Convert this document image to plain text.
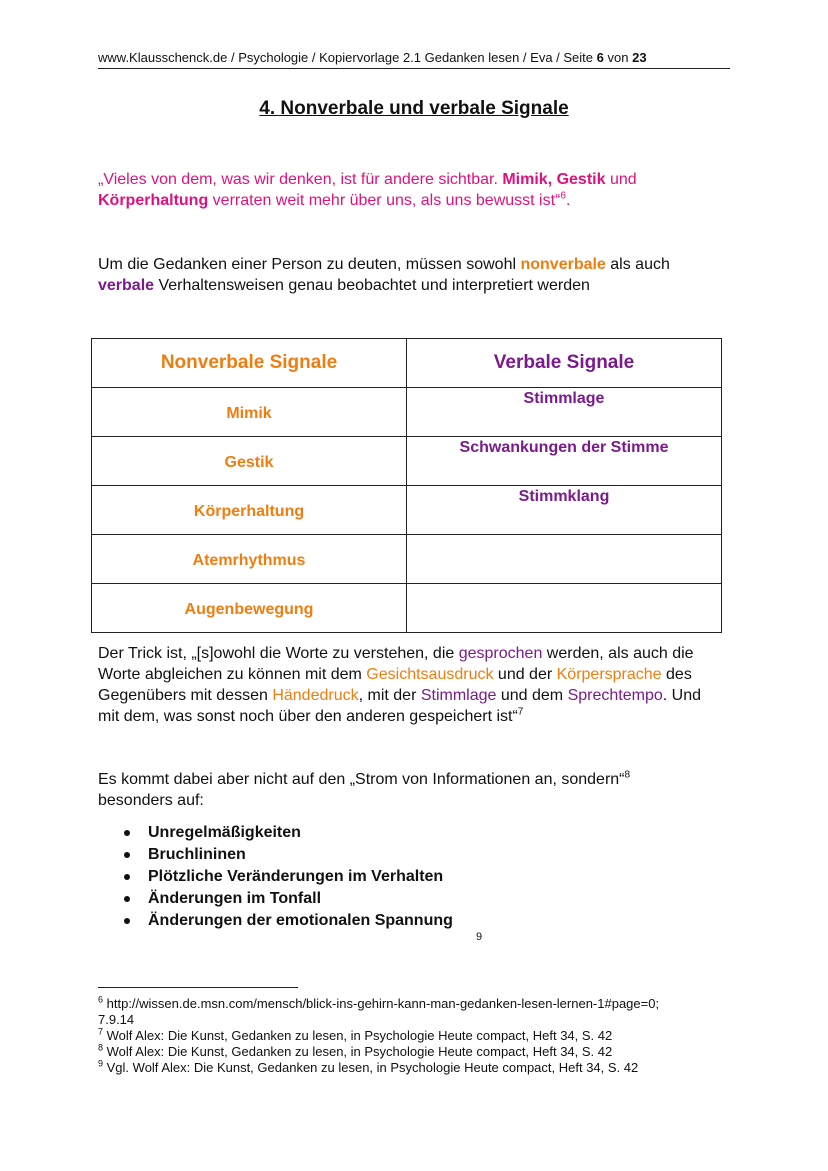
www.Klausschenck.de / Psychologie / Kopiervorlage 2.1 Gedanken lesen / Eva / Seite 6 von 23
4. Nonverbale und verbale Signale
„Vieles von dem, was wir denken, ist für andere sichtbar. Mimik, Gestik und
Körperhaltung verraten weit mehr über uns, als uns bewusst ist“$^6$.
Um die Gedanken einer Person zu deuten, müssen sowohl nonverbale als auch
verbale Verhaltensweisen genau beobachtet und interpretiert werden
Nonverbale Signale	Verbale Signale
Mimik	Stimmlage
Gestik	Schwankungen der Stimme
Körperhaltung	Stimmklang
Atemrhythmus	
Augenbewegung	
Der Trick ist, „[s]owohl die Worte zu verstehen, die gesprochen werden, als auch die
Worte abgleichen zu können mit dem Gesichtsausdruck und der Körpersprache des
Gegenübers mit dessen Händedruck, mit der Stimmlage und dem Sprechtempo. Und
mit dem, was sonst noch über den anderen gespeichert ist“$^7$
Es kommt dabei aber nicht auf den „Strom von Informationen an, sondern“$^8$
besonders auf:
Unregelmäßigkeiten
Bruchlininen
Plötzliche Veränderungen im Verhalten
Änderungen im Tonfall
Änderungen der emotionalen Spannung
9
$^6$ http://wissen.de.msn.com/mensch/blick-ins-gehirn-kann-man-gedanken-lesen-lernen-1#page=0;
7.9.14
$^7$ Wolf Alex: Die Kunst, Gedanken zu lesen, in Psychologie Heute compact, Heft 34, S. 42
$^8$ Wolf Alex: Die Kunst, Gedanken zu lesen, in Psychologie Heute compact, Heft 34, S. 42
$^9$ Vgl. Wolf Alex: Die Kunst, Gedanken zu lesen, in Psychologie Heute compact, Heft 34, S. 42
